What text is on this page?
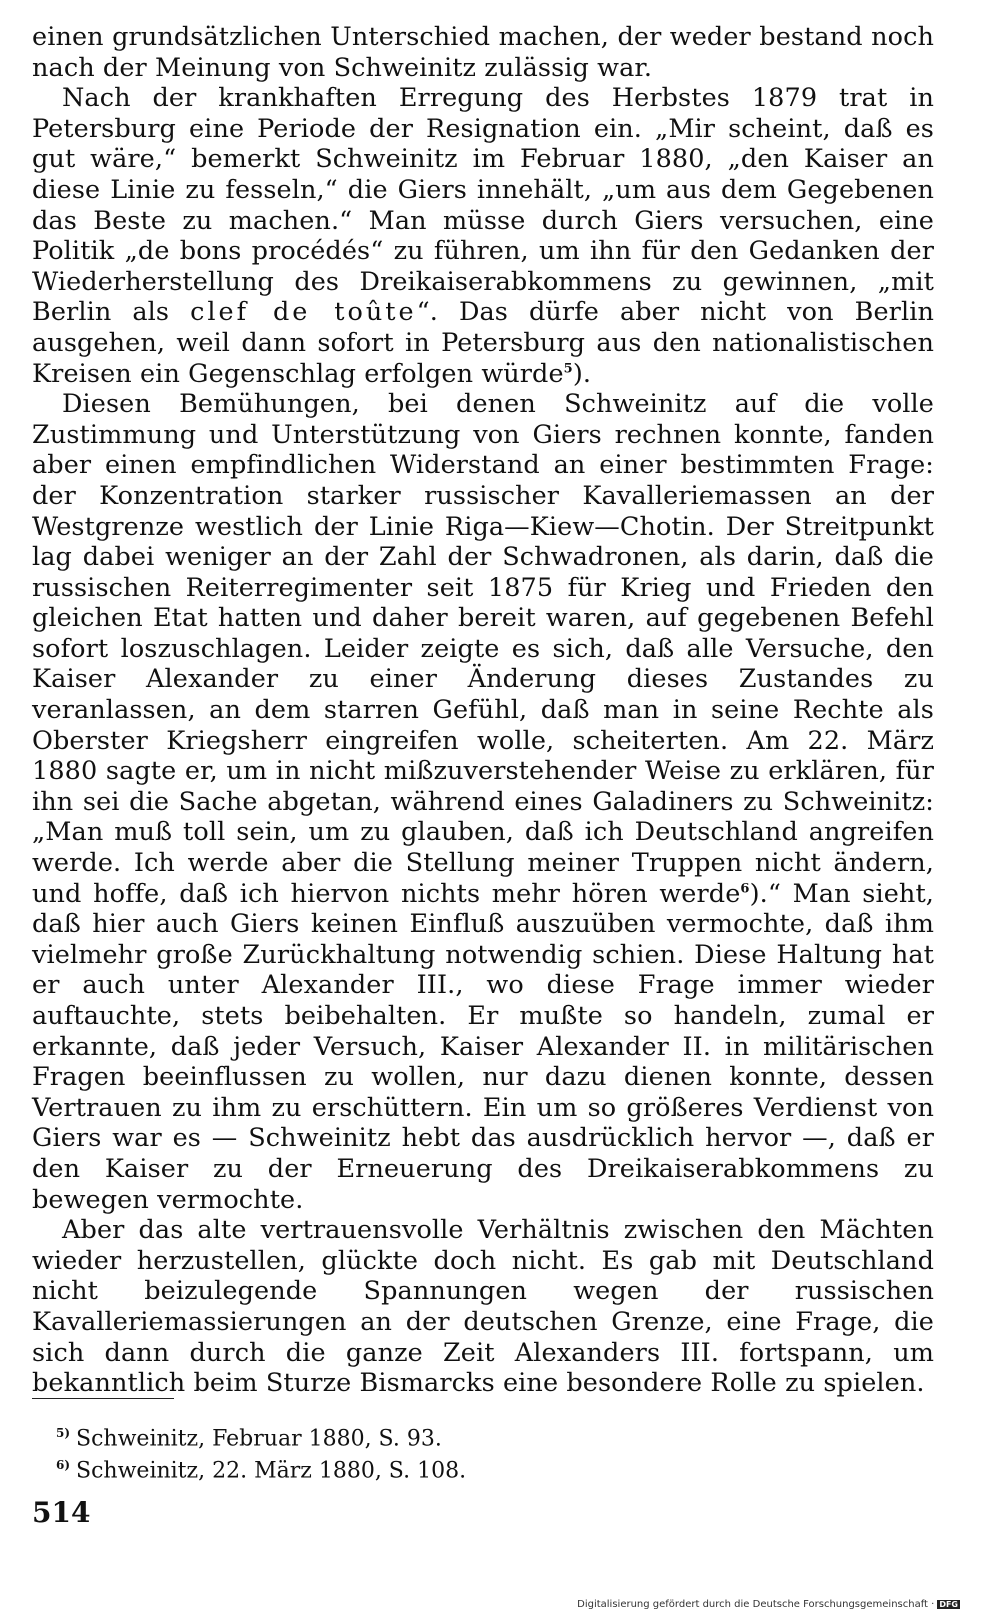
einen grundsätzlichen Unterschied machen, der weder bestand noch nach der Meinung von Schweinitz zulässig war.

Nach der krankhaften Erregung des Herbstes 1879 trat in Petersburg eine Periode der Resignation ein. „Mir scheint, daß es gut wäre,“ bemerkt Schweinitz im Februar 1880, „den Kaiser an diese Linie zu fesseln,“ die Giers innehält, „um aus dem Gegebenen das Beste zu machen.“ Man müsse durch Giers versuchen, eine Politik „de bons procédés“ zu führen, um ihn für den Gedanken der Wiederherstellung des Dreikaiserabkommens zu gewinnen, „mit Berlin als clef de toûte“. Das dürfe aber nicht von Berlin ausgehen, weil dann sofort in Petersburg aus den nationalistischen Kreisen ein Gegenschlag erfolgen würde$^5$).

Diesen Bemühungen, bei denen Schweinitz auf die volle Zustimmung und Unterstützung von Giers rechnen konnte, fanden aber einen empfindlichen Widerstand an einer bestimmten Frage: der Konzentration starker russischer Kavalleriemassen an der Westgrenze westlich der Linie Riga—Kiew—Chotin. Der Streitpunkt lag dabei weniger an der Zahl der Schwadronen, als darin, daß die russischen Reiterregimenter seit 1875 für Krieg und Frieden den gleichen Etat hatten und daher bereit waren, auf gegebenen Befehl sofort loszuschlagen. Leider zeigte es sich, daß alle Versuche, den Kaiser Alexander zu einer Änderung dieses Zustandes zu veranlassen, an dem starren Gefühl, daß man in seine Rechte als Oberster Kriegsherr eingreifen wolle, scheiterten. Am 22. März 1880 sagte er, um in nicht mißzuverstehender Weise zu erklären, für ihn sei die Sache abgetan, während eines Galadiners zu Schweinitz: „Man muß toll sein, um zu glauben, daß ich Deutschland angreifen werde. Ich werde aber die Stellung meiner Truppen nicht ändern, und hoffe, daß ich hiervon nichts mehr hören werde$^6$).“ Man sieht, daß hier auch Giers keinen Einfluß auszuüben vermochte, daß ihm vielmehr große Zurückhaltung notwendig schien. Diese Haltung hat er auch unter Alexander III., wo diese Frage immer wieder auftauchte, stets beibehalten. Er mußte so handeln, zumal er erkannte, daß jeder Versuch, Kaiser Alexander II. in militärischen Fragen beeinflussen zu wollen, nur dazu dienen konnte, dessen Vertrauen zu ihm zu erschüttern. Ein um so größeres Verdienst von Giers war es — Schweinitz hebt das ausdrücklich hervor —, daß er den Kaiser zu der Erneuerung des Dreikaiserabkommens zu bewegen vermochte.

Aber das alte vertrauensvolle Verhältnis zwischen den Mächten wieder herzustellen, glückte doch nicht. Es gab mit Deutschland nicht beizulegende Spannungen wegen der russischen Kavalleriemassierungen an der deutschen Grenze, eine Frage, die sich dann durch die ganze Zeit Alexanders III. fortspann, um bekanntlich beim Sturze Bismarcks eine besondere Rolle zu spielen.

$^{5)}$ Schweinitz, Februar 1880, S. 93.
$^{6)}$ Schweinitz, 22. März 1880, S. 108.
514
Digitalisierung gefördert durch die Deutsche Forschungsgemeinschaft · DFG
